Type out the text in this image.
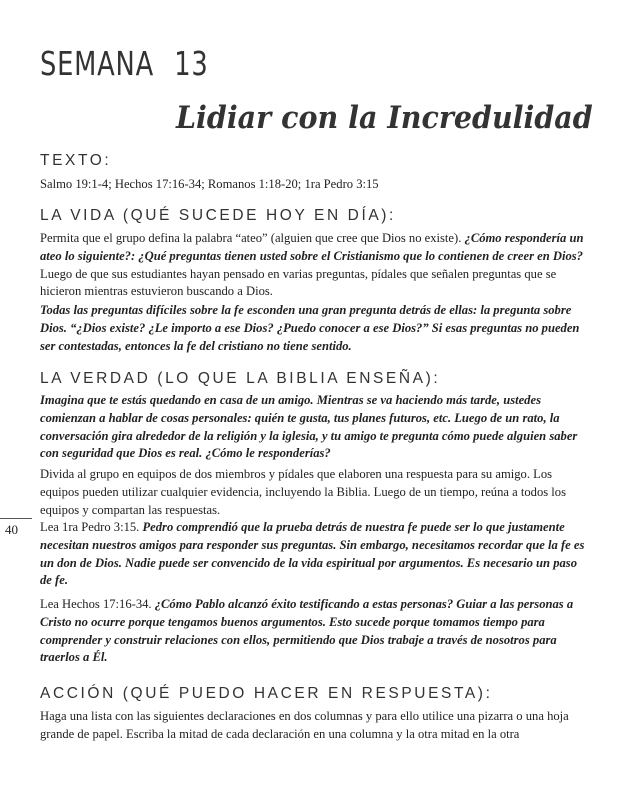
SEMANA 13
Lidiar con la Incredulidad
TEXTO:

Salmo 19:1-4; Hechos 17:16-34; Romanos 1:18-20; 1ra Pedro 3:15

LA VIDA (QUÉ SUCEDE HOY EN DÍA):

Permita que el grupo defina la palabra “ateo” (alguien que cree que Dios no existe). ¿Cómo respondería un ateo lo siguiente?: ¿Qué preguntas tienen usted sobre el Cristianismo que lo contienen de creer en Dios? Luego de que sus estudiantes hayan pensado en varias preguntas, pídales que señalen preguntas que se hicieron mientras estuvieron buscando a Dios.

Todas las preguntas difíciles sobre la fe esconden una gran pregunta detrás de ellas: la pregunta sobre Dios. “¿Dios existe? ¿Le importo a ese Dios? ¿Puedo conocer a ese Dios?” Si esas preguntas no pueden ser contestadas, entonces la fe del cristiano no tiene sentido.

LA VERDAD (LO QUE LA BIBLIA ENSEÑA):

Imagina que te estás quedando en casa de un amigo. Mientras se va haciendo más tarde, ustedes comienzan a hablar de cosas personales: quién te gusta, tus planes futuros, etc. Luego de un rato, la conversación gira alrededor de la religión y la iglesia, y tu amigo te pregunta cómo puede alguien saber con seguridad que Dios es real. ¿Cómo le responderías?

Divida al grupo en equipos de dos miembros y pídales que elaboren una respuesta para su amigo. Los equipos pueden utilizar cualquier evidencia, incluyendo la Biblia. Luego de un tiempo, reúna a todos los equipos y compartan las respuestas.

Lea 1ra Pedro 3:15. Pedro comprendió que la prueba detrás de nuestra fe puede ser lo que justamente necesitan nuestros amigos para responder sus preguntas. Sin embargo, necesitamos recordar que la fe es un don de Dios. Nadie puede ser convencido de la vida espiritual por argumentos. Es necesario un paso de fe.

Lea Hechos 17:16-34. ¿Cómo Pablo alcanzó éxito testificando a estas personas? Guiar a las personas a Cristo no ocurre porque tengamos buenos argumentos. Esto sucede porque tomamos tiempo para comprender y construir relaciones con ellos, permitiendo que Dios trabaje a través de nosotros para traerlos a Él.

ACCIÓN (QUÉ PUEDO HACER EN RESPUESTA):

Haga una lista con las siguientes declaraciones en dos columnas y para ello utilice una pizarra o una hoja grande de papel. Escriba la mitad de cada declaración en una columna y la otra mitad en la otra

40
